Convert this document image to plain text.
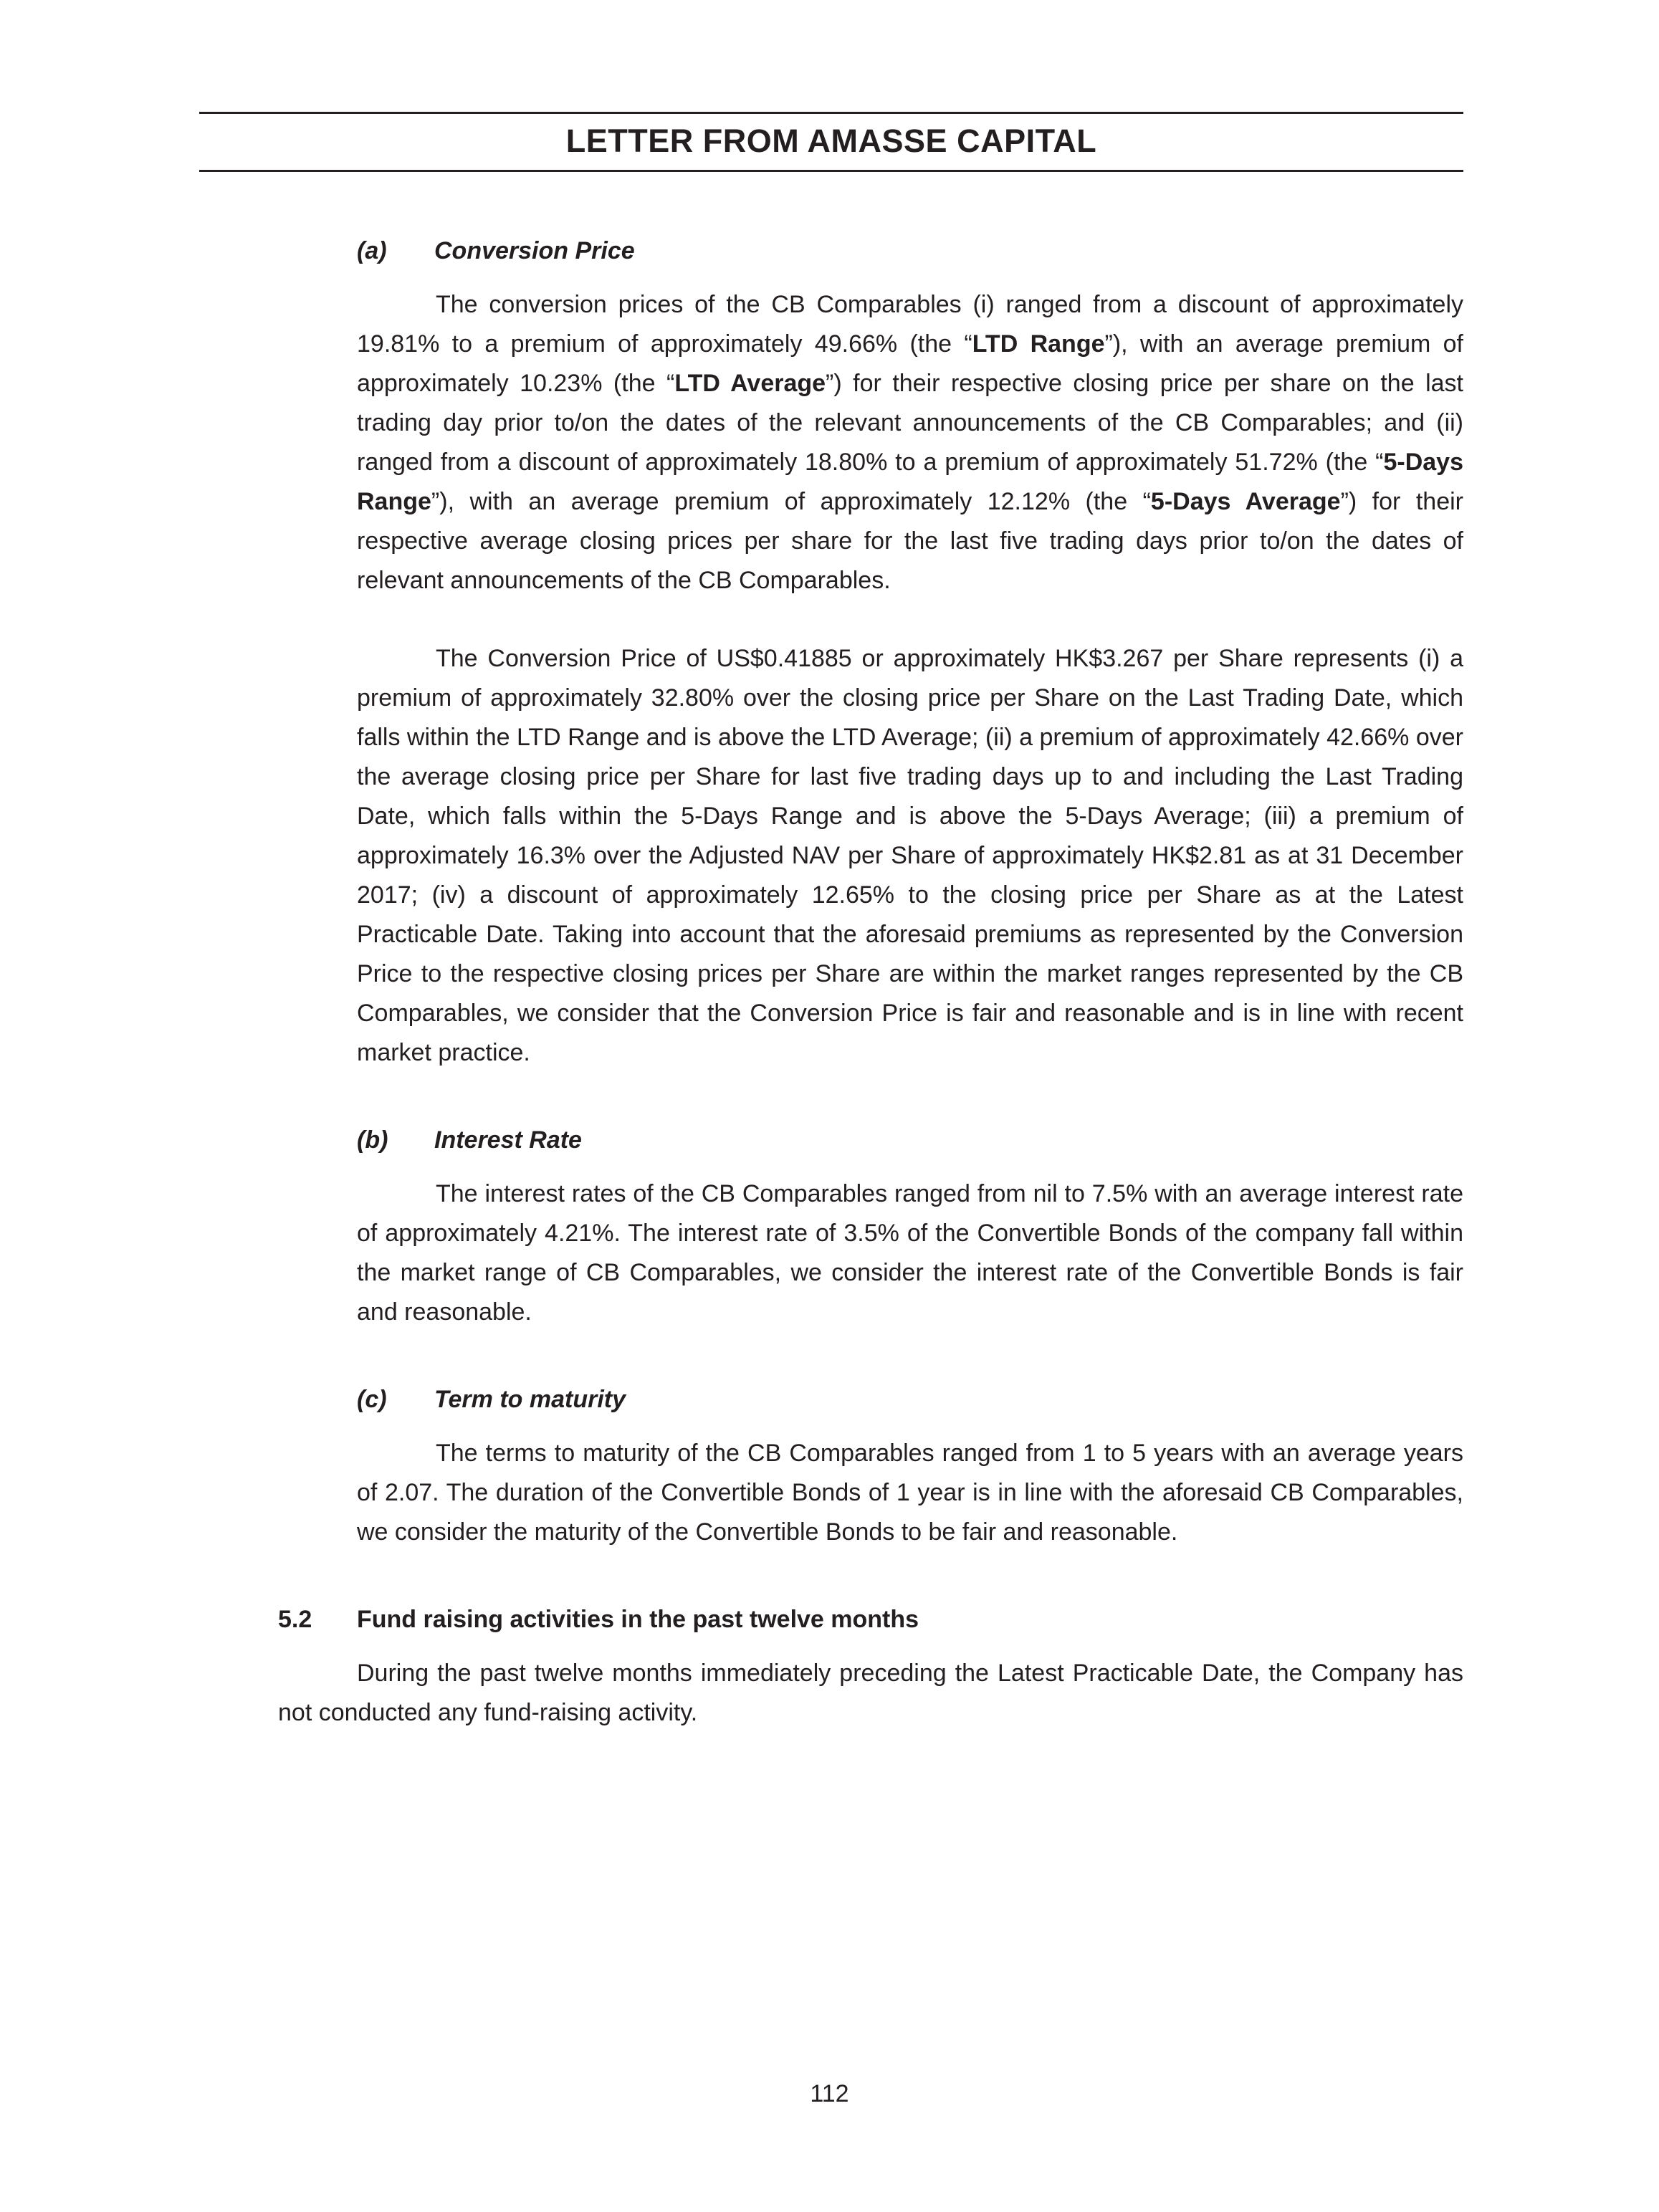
LETTER FROM AMASSE CAPITAL
(a) Conversion Price

The conversion prices of the CB Comparables (i) ranged from a discount of approximately 19.81% to a premium of approximately 49.66% (the “LTD Range”), with an average premium of approximately 10.23% (the “LTD Average”) for their respective closing price per share on the last trading day prior to/on the dates of the relevant announcements of the CB Comparables; and (ii) ranged from a discount of approximately 18.80% to a premium of approximately 51.72% (the “5-Days Range”), with an average premium of approximately 12.12% (the “5-Days Average”) for their respective average closing prices per share for the last five trading days prior to/on the dates of relevant announcements of the CB Comparables.

The Conversion Price of US$0.41885 or approximately HK$3.267 per Share represents (i) a premium of approximately 32.80% over the closing price per Share on the Last Trading Date, which falls within the LTD Range and is above the LTD Average; (ii) a premium of approximately 42.66% over the average closing price per Share for last five trading days up to and including the Last Trading Date, which falls within the 5-Days Range and is above the 5-Days Average; (iii) a premium of approximately 16.3% over the Adjusted NAV per Share of approximately HK$2.81 as at 31 December 2017; (iv) a discount of approximately 12.65% to the closing price per Share as at the Latest Practicable Date. Taking into account that the aforesaid premiums as represented by the Conversion Price to the respective closing prices per Share are within the market ranges represented by the CB Comparables, we consider that the Conversion Price is fair and reasonable and is in line with recent market practice.

(b) Interest Rate

The interest rates of the CB Comparables ranged from nil to 7.5% with an average interest rate of approximately 4.21%. The interest rate of 3.5% of the Convertible Bonds of the company fall within the market range of CB Comparables, we consider the interest rate of the Convertible Bonds is fair and reasonable.

(c) Term to maturity

The terms to maturity of the CB Comparables ranged from 1 to 5 years with an average years of 2.07. The duration of the Convertible Bonds of 1 year is in line with the aforesaid CB Comparables, we consider the maturity of the Convertible Bonds to be fair and reasonable.

5.2 Fund raising activities in the past twelve months

During the past twelve months immediately preceding the Latest Practicable Date, the Company has not conducted any fund-raising activity.

112
